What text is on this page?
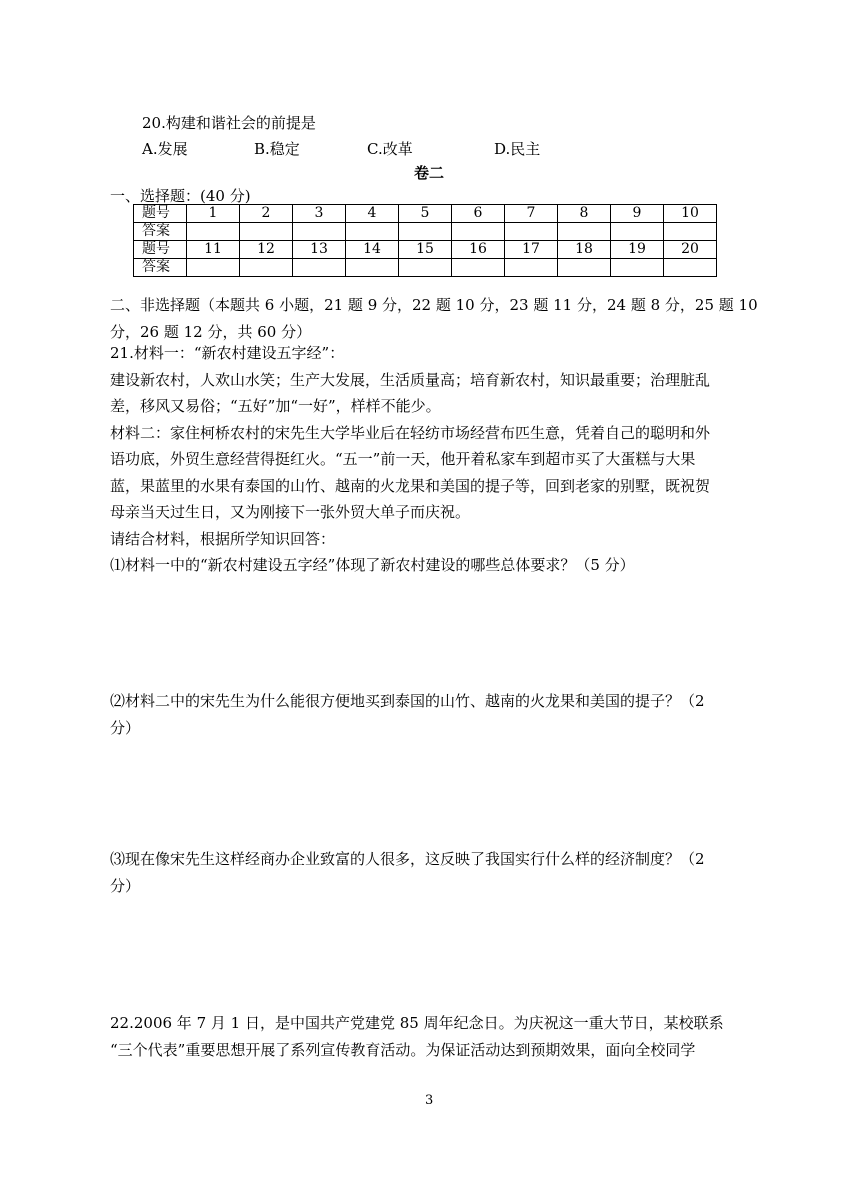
20.构建和谐社会的前提是
A.发展	B.稳定	C.改革	D.民主
卷二
一、选择题：(40 分)
题号	1	2	3	4	5	6	7	8	9	10
答案										
题号	11	12	13	14	15	16	17	18	19	20
答案										
二、非选择题（本题共 6 小题，21 题 9 分，22 题 10 分，23 题 11 分，24 题 8 分，25 题 10
分，26 题 12 分，共 60 分）
21.材料一：“新农村建设五字经”：
建设新农村，人欢山水笑；生产大发展，生活质量高；培育新农村，知识最重要；治理脏乱
差，移风又易俗；“五好”加“一好”，样样不能少。
材料二：家住柯桥农村的宋先生大学毕业后在轻纺市场经营布匹生意，凭着自己的聪明和外
语功底，外贸生意经营得挺红火。“五一”前一天，他开着私家车到超市买了大蛋糕与大果
蓝，果蓝里的水果有泰国的山竹、越南的火龙果和美国的提子等，回到老家的别墅，既祝贺
母亲当天过生日，又为刚接下一张外贸大单子而庆祝。
请结合材料，根据所学知识回答：
⑴材料一中的“新农村建设五字经”体现了新农村建设的哪些总体要求？（5 分）
⑵材料二中的宋先生为什么能很方便地买到泰国的山竹、越南的火龙果和美国的提子？（2
分）
⑶现在像宋先生这样经商办企业致富的人很多，这反映了我国实行什么样的经济制度？（2
分）
22.2006 年 7 月 1 日，是中国共产党建党 85 周年纪念日。为庆祝这一重大节日，某校联系
“三个代表”重要思想开展了系列宣传教育活动。为保证活动达到预期效果，面向全校同学
3
